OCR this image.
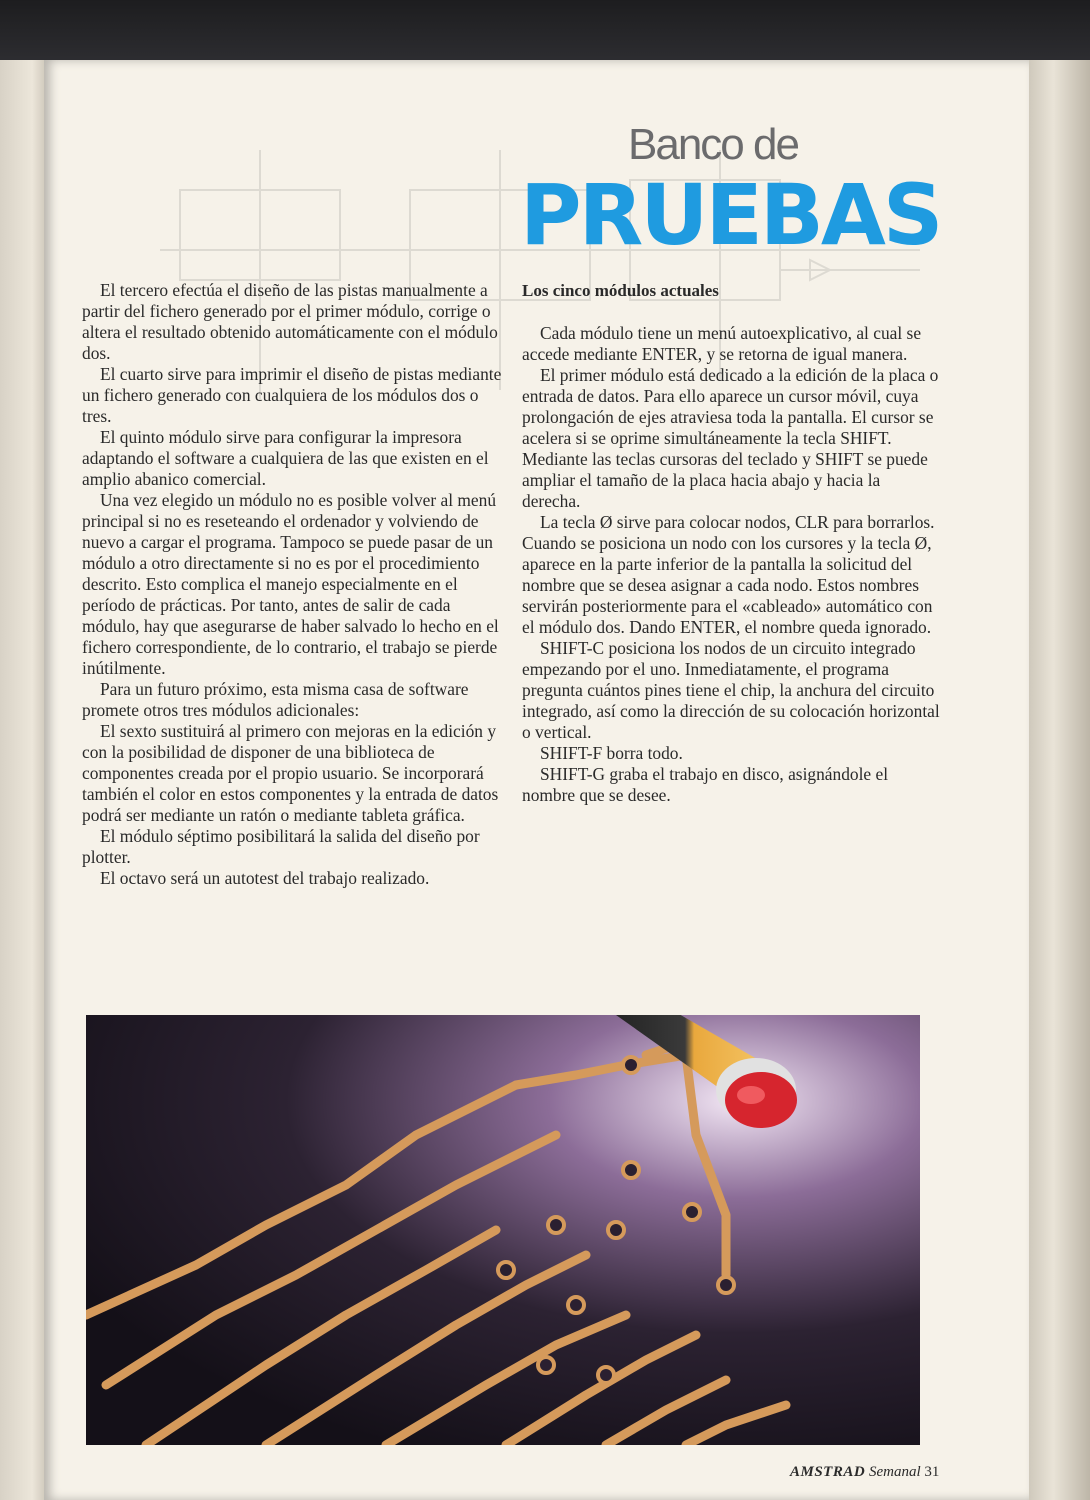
Banco de
PRUEBAS

El tercero efectúa el diseño de las pistas manualmente a partir del fichero generado por el primer módulo, corrige o altera el resultado obtenido automáticamente con el módulo dos.

El cuarto sirve para imprimir el diseño de pistas mediante un fichero generado con cualquiera de los módulos dos o tres.

El quinto módulo sirve para configurar la impresora adaptando el software a cualquiera de las que existen en el amplio abanico comercial.

Una vez elegido un módulo no es posible volver al menú principal si no es reseteando el ordenador y volviendo de nuevo a cargar el programa. Tampoco se puede pasar de un módulo a otro directamente si no es por el procedimiento descrito. Esto complica el manejo especialmente en el período de prácticas. Por tanto, antes de salir de cada módulo, hay que asegurarse de haber salvado lo hecho en el fichero correspondiente, de lo contrario, el trabajo se pierde inútilmente.

Para un futuro próximo, esta misma casa de software promete otros tres módulos adicionales:

El sexto sustituirá al primero con mejoras en la edición y con la posibilidad de disponer de una biblioteca de componentes creada por el propio usuario. Se incorporará también el color en estos componentes y la entrada de datos podrá ser mediante un ratón o mediante tableta gráfica.

El módulo séptimo posibilitará la salida del diseño por plotter.

El octavo será un autotest del trabajo realizado.

Los cinco módulos actuales

Cada módulo tiene un menú autoexplicativo, al cual se accede mediante ENTER, y se retorna de igual manera.

El primer módulo está dedicado a la edición de la placa o entrada de datos. Para ello aparece un cursor móvil, cuya prolongación de ejes atraviesa toda la pantalla. El cursor se acelera si se oprime simultáneamente la tecla SHIFT. Mediante las teclas cursoras del teclado y SHIFT se puede ampliar el tamaño de la placa hacia abajo y hacia la derecha.

La tecla Ø sirve para colocar nodos, CLR para borrarlos. Cuando se posiciona un nodo con los cursores y la tecla Ø, aparece en la parte inferior de la pantalla la solicitud del nombre que se desea asignar a cada nodo. Estos nombres servirán posteriormente para el «cableado» automático con el módulo dos. Dando ENTER, el nombre queda ignorado.

SHIFT-C posiciona los nodos de un circuito integrado empezando por el uno. Inmediatamente, el programa pregunta cuántos pines tiene el chip, la anchura del circuito integrado, así como la dirección de su colocación horizontal o vertical.

SHIFT-F borra todo.

SHIFT-G graba el trabajo en disco, asignándole el nombre que se desee.

AMSTRAD Semanal 31
